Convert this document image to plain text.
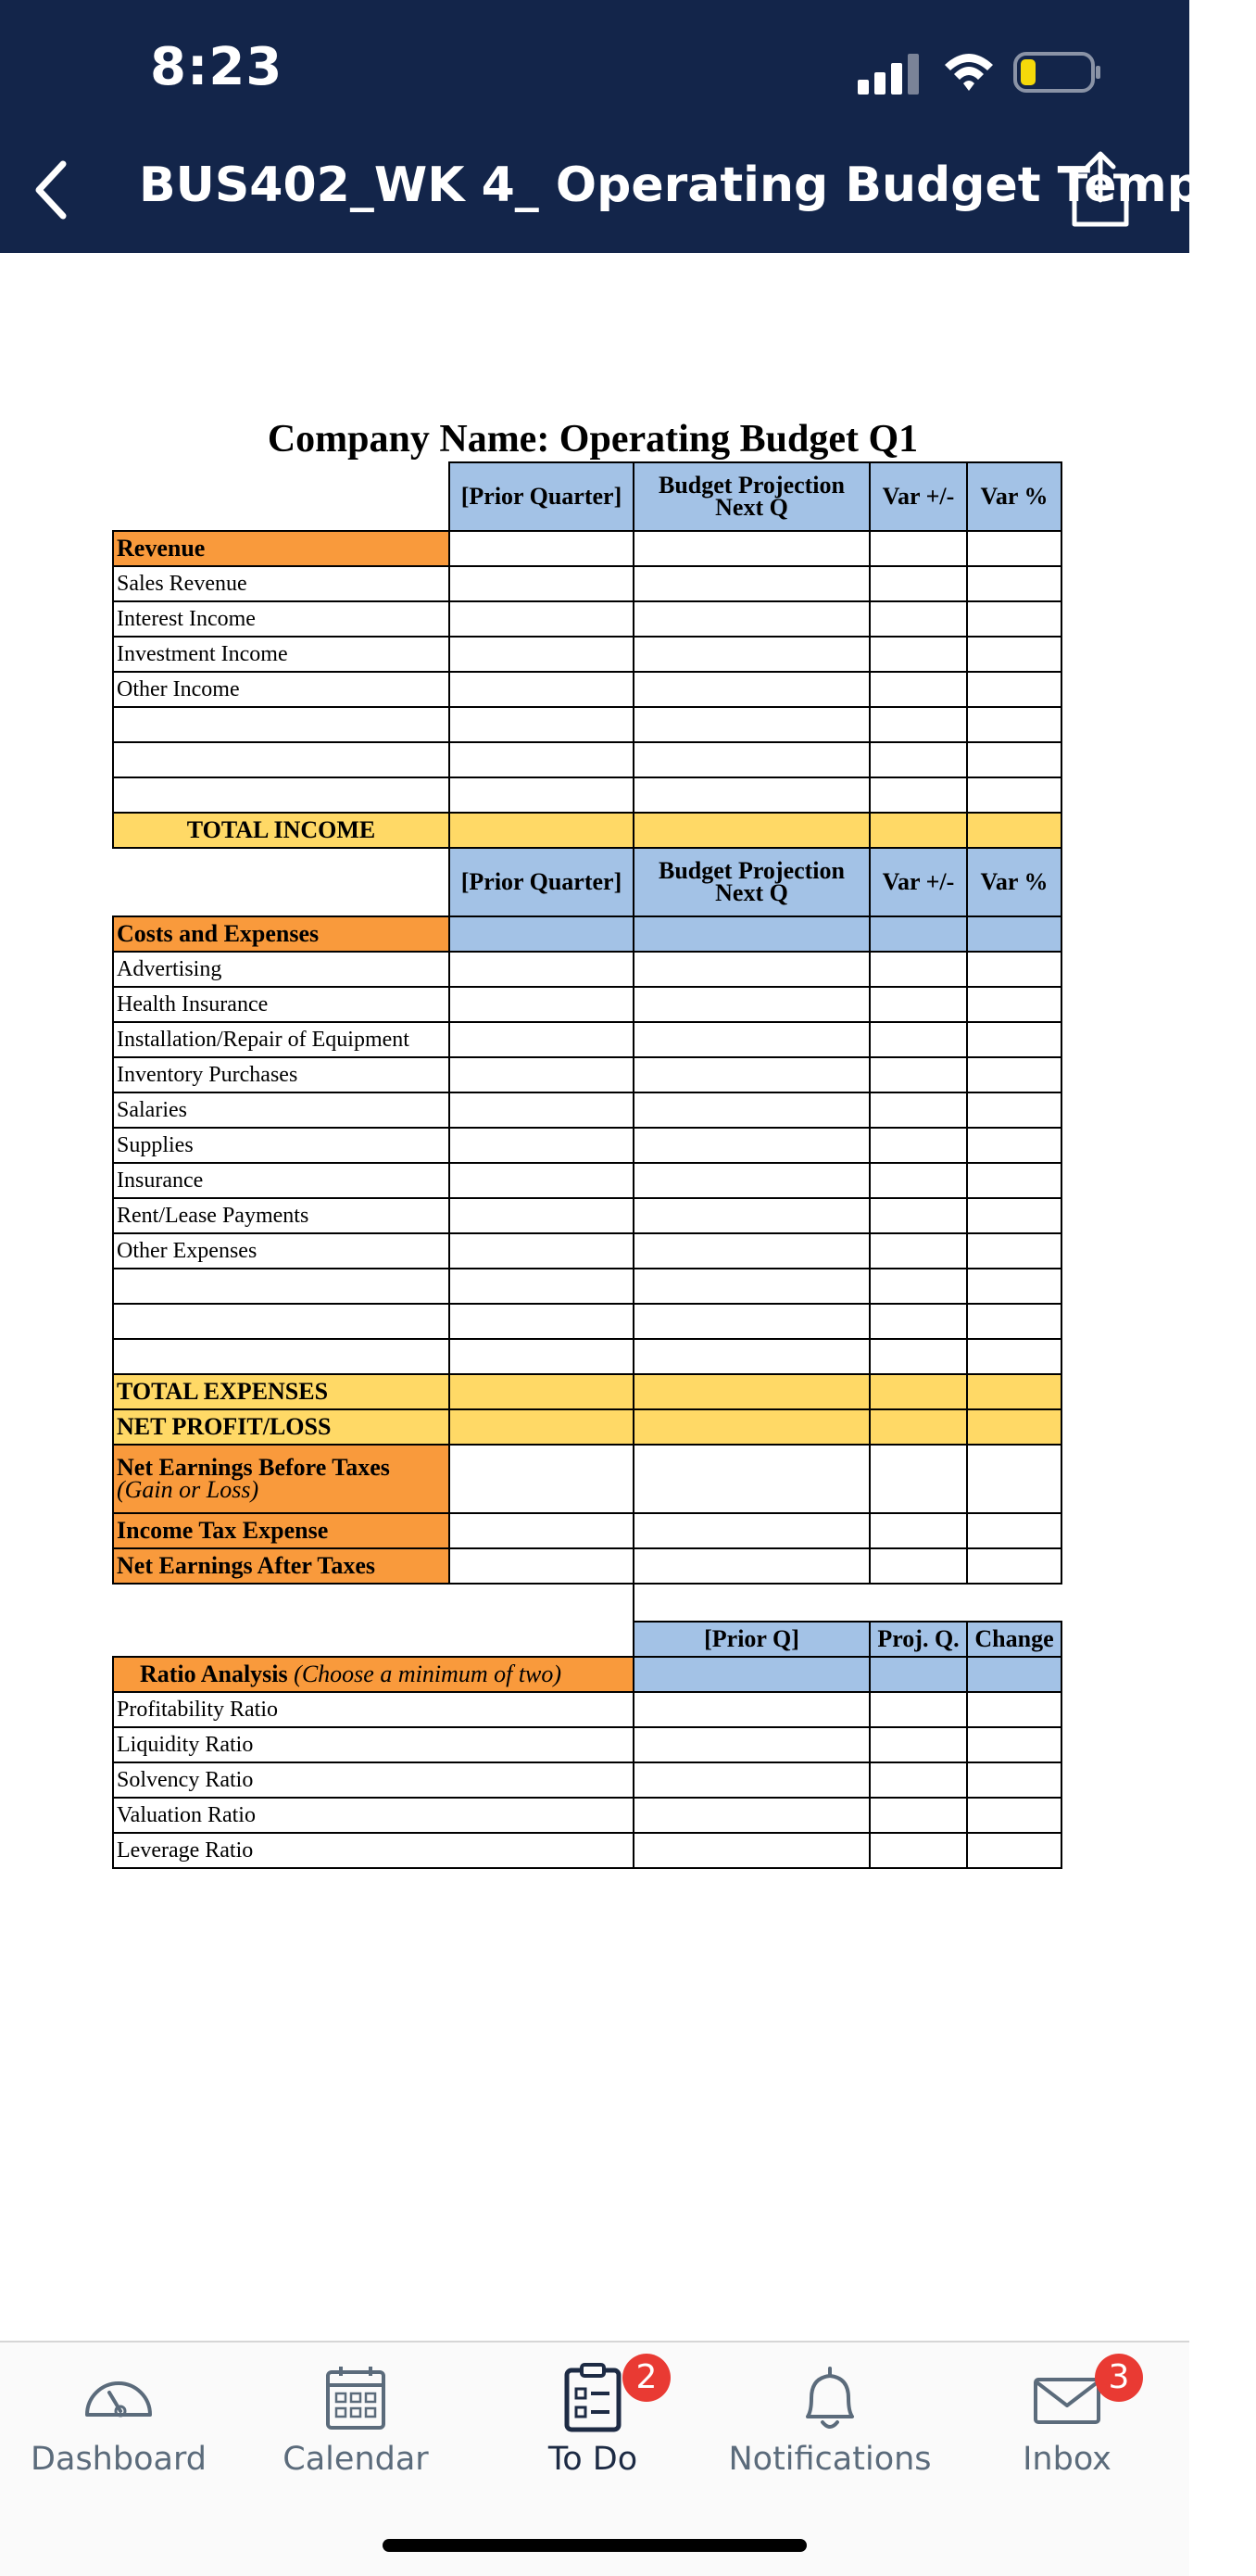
8:23
BUS402_WK 4_ Operating Budget Temp...
Company Name: Operating Budget Q1
	[Prior Quarter]	Budget Projection Next Q	Var +/-	Var %
Revenue				
Sales Revenue				
Interest Income				
Investment Income				
Other Income				

TOTAL INCOME				
	[Prior Quarter]	Budget Projection Next Q	Var +/-	Var %
Costs and Expenses				
Advertising				
Health Insurance				
Installation/Repair of Equipment				
Inventory Purchases				
Salaries				
Supplies				
Insurance				
Rent/Lease Payments				
Other Expenses				

TOTAL EXPENSES				
NET PROFIT/LOSS				
Net Earnings Before Taxes
(Gain or Loss)				
Income Tax Expense				
Net Earnings After Taxes				

	[Prior Q]	Proj. Q.	Change
Ratio Analysis (Choose a minimum of two)			
Profitability Ratio			
Liquidity Ratio			
Solvency Ratio			
Valuation Ratio			
Leverage Ratio			
Dashboard	Calendar
2
To Do	Notifications
3
Inbox
